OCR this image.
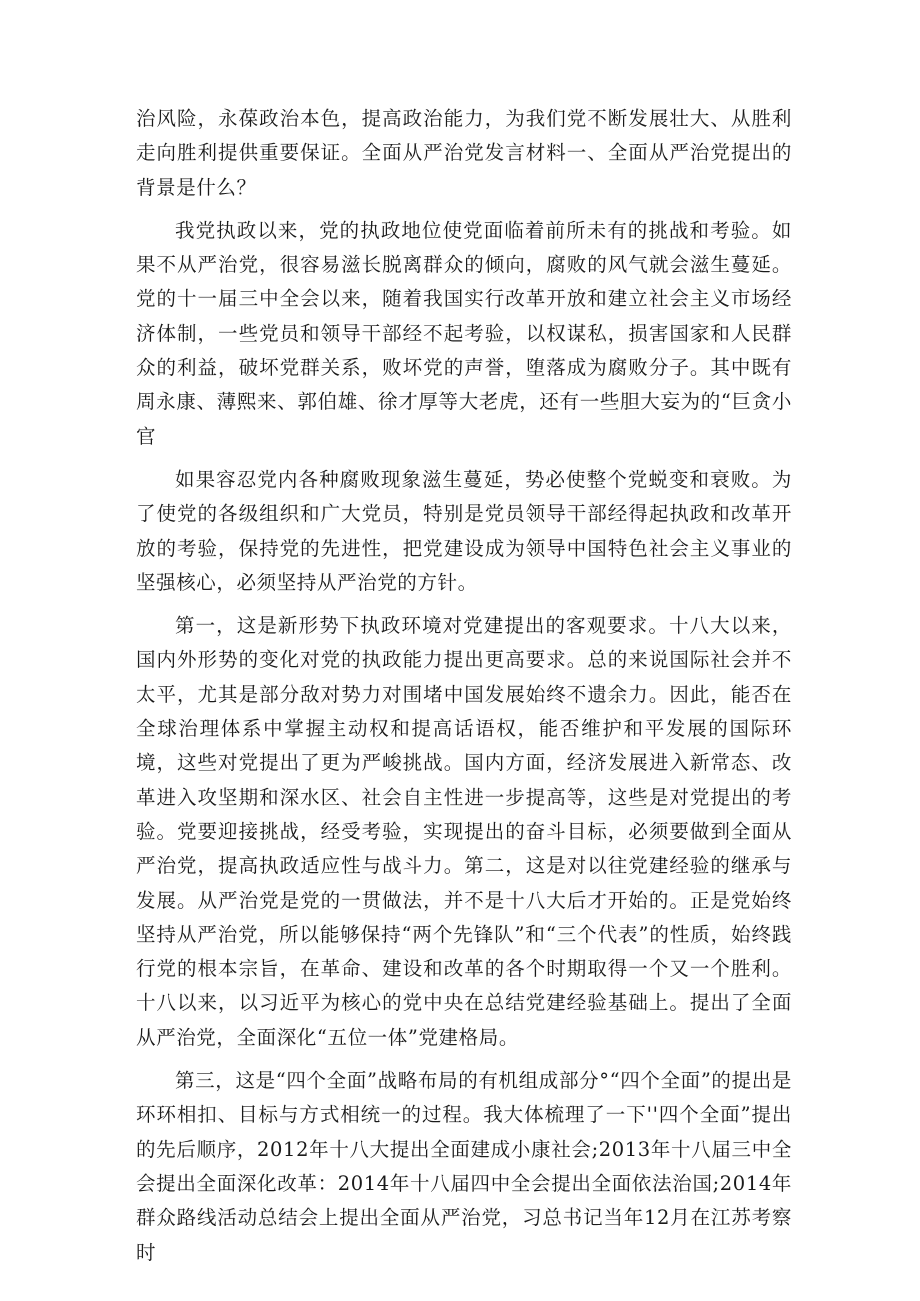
治风险，永葆政治本色，提高政治能力，为我们党不断发展壮大、从胜利走向胜利提供重要保证。全面从严治党发言材料一、全面从严治党提出的背景是什么？

我党执政以来，党的执政地位使党面临着前所未有的挑战和考验。如果不从严治党，很容易滋长脱离群众的倾向，腐败的风气就会滋生蔓延。党的十一届三中全会以来，随着我国实行改革开放和建立社会主义市场经济体制，一些党员和领导干部经不起考验，以权谋私，损害国家和人民群众的利益，破坏党群关系，败坏党的声誉，堕落成为腐败分子。其中既有周永康、薄熙来、郭伯雄、徐才厚等大老虎，还有一些胆大妄为的“巨贪小官

如果容忍党内各种腐败现象滋生蔓延，势必使整个党蜕变和衰败。为了使党的各级组织和广大党员，特别是党员领导干部经得起执政和改革开放的考验，保持党的先进性，把党建设成为领导中国特色社会主义事业的坚强核心，必须坚持从严治党的方针。

第一，这是新形势下执政环境对党建提出的客观要求。十八大以来，国内外形势的变化对党的执政能力提出更高要求。总的来说国际社会并不太平，尤其是部分敌对势力对围堵中国发展始终不遗余力。因此，能否在全球治理体系中掌握主动权和提高话语权，能否维护和平发展的国际环境，这些对党提出了更为严峻挑战。国内方面，经济发展进入新常态、改革进入攻坚期和深水区、社会自主性进一步提高等，这些是对党提出的考验。党要迎接挑战，经受考验，实现提出的奋斗目标，必须要做到全面从严治党，提高执政适应性与战斗力。第二，这是对以往党建经验的继承与发展。从严治党是党的一贯做法，并不是十八大后才开始的。正是党始终坚持从严治党，所以能够保持“两个先锋队”和“三个代表”的性质，始终践行党的根本宗旨，在革命、建设和改革的各个时期取得一个又一个胜利。十八以来，以习近平为核心的党中央在总结党建经验基础上。提出了全面从严治党，全面深化“五位一体”党建格局。

第三，这是“四个全面”战略布局的有机组成部分°“四个全面”的提出是环环相扣、目标与方式相统一的过程。我大体梳理了一下''四个全面”提出的先后顺序，2012年十八大提出全面建成小康社会;2013年十八届三中全会提出全面深化改革：2014年十八届四中全会提出全面依法治国;2014年群众路线活动总结会上提出全面从严治党，习总书记当年12月在江苏考察时
